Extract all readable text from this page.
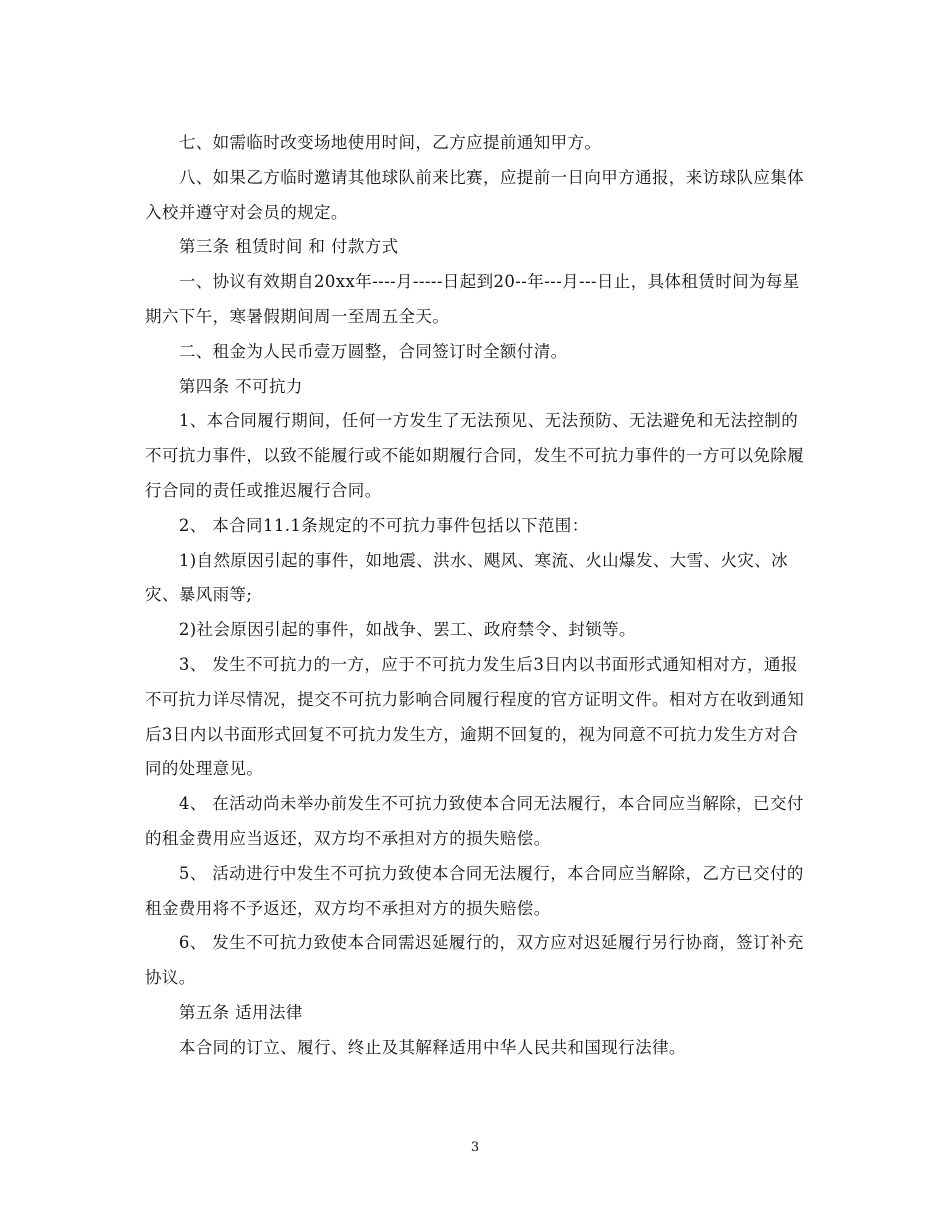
七、如需临时改变场地使用时间，乙方应提前通知甲方。

八、如果乙方临时邀请其他球队前来比赛，应提前一日向甲方通报，来访球队应集体入校并遵守对会员的规定。

第三条 租赁时间 和 付款方式

一、协议有效期自20xx年----月-----日起到20--年---月---日止，具体租赁时间为每星期六下午，寒暑假期间周一至周五全天。

二、租金为人民币壹万圆整，合同签订时全额付清。

第四条 不可抗力

1、本合同履行期间，任何一方发生了无法预见、无法预防、无法避免和无法控制的不可抗力事件，以致不能履行或不能如期履行合同，发生不可抗力事件的一方可以免除履行合同的责任或推迟履行合同。

2、 本合同11.1条规定的不可抗力事件包括以下范围：

1)自然原因引起的事件，如地震、洪水、飓风、寒流、火山爆发、大雪、火灾、冰灾、暴风雨等;

2)社会原因引起的事件，如战争、罢工、政府禁令、封锁等。

3、 发生不可抗力的一方，应于不可抗力发生后3日内以书面形式通知相对方，通报不可抗力详尽情况，提交不可抗力影响合同履行程度的官方证明文件。相对方在收到通知后3日内以书面形式回复不可抗力发生方，逾期不回复的，视为同意不可抗力发生方对合同的处理意见。

4、 在活动尚未举办前发生不可抗力致使本合同无法履行，本合同应当解除，已交付的租金费用应当返还，双方均不承担对方的损失赔偿。

5、 活动进行中发生不可抗力致使本合同无法履行，本合同应当解除，乙方已交付的租金费用将不予返还，双方均不承担对方的损失赔偿。

6、 发生不可抗力致使本合同需迟延履行的，双方应对迟延履行另行协商，签订补充协议。

第五条 适用法律

本合同的订立、履行、终止及其解释适用中华人民共和国现行法律。

3
